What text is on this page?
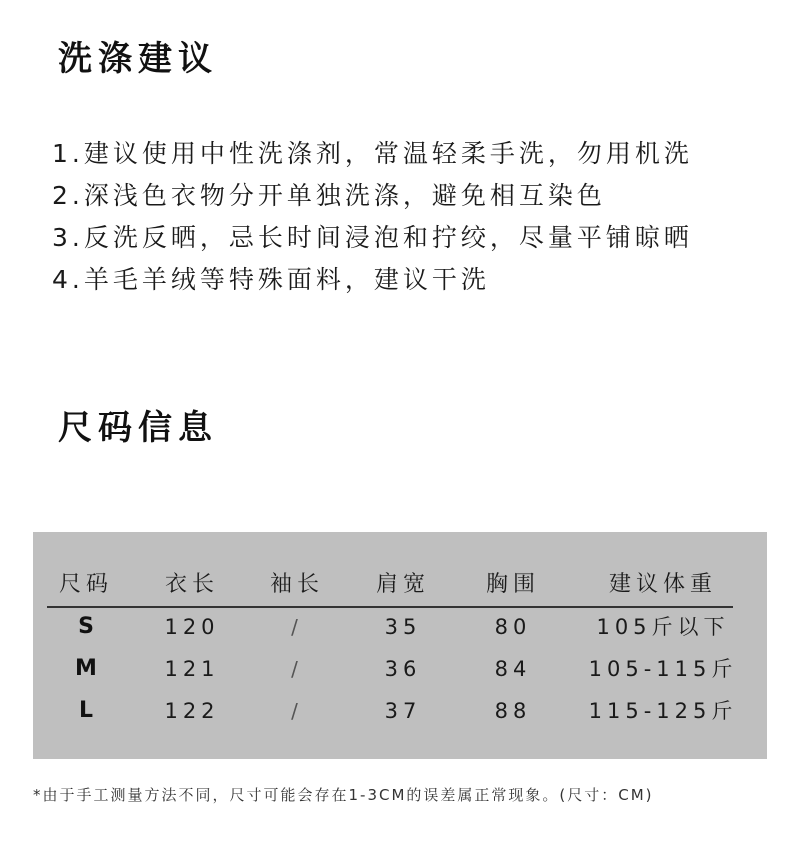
洗涤建议
1.建议使用中性洗涤剂，常温轻柔手洗，勿用机洗
2.深浅色衣物分开单独洗涤，避免相互染色
3.反洗反晒，忌长时间浸泡和拧绞，尽量平铺晾晒
4.羊毛羊绒等特殊面料，建议干洗
尺码信息
尺码 衣长 袖长 肩宽	胸围	建议体重
S	120	/	35	80	105斤以下
M	121	/	36	84	105-115斤
L	122	/	37	88	115-125斤

*由于手工测量方法不同，尺寸可能会存在1-3CM的误差属正常现象。(尺寸：CM)
